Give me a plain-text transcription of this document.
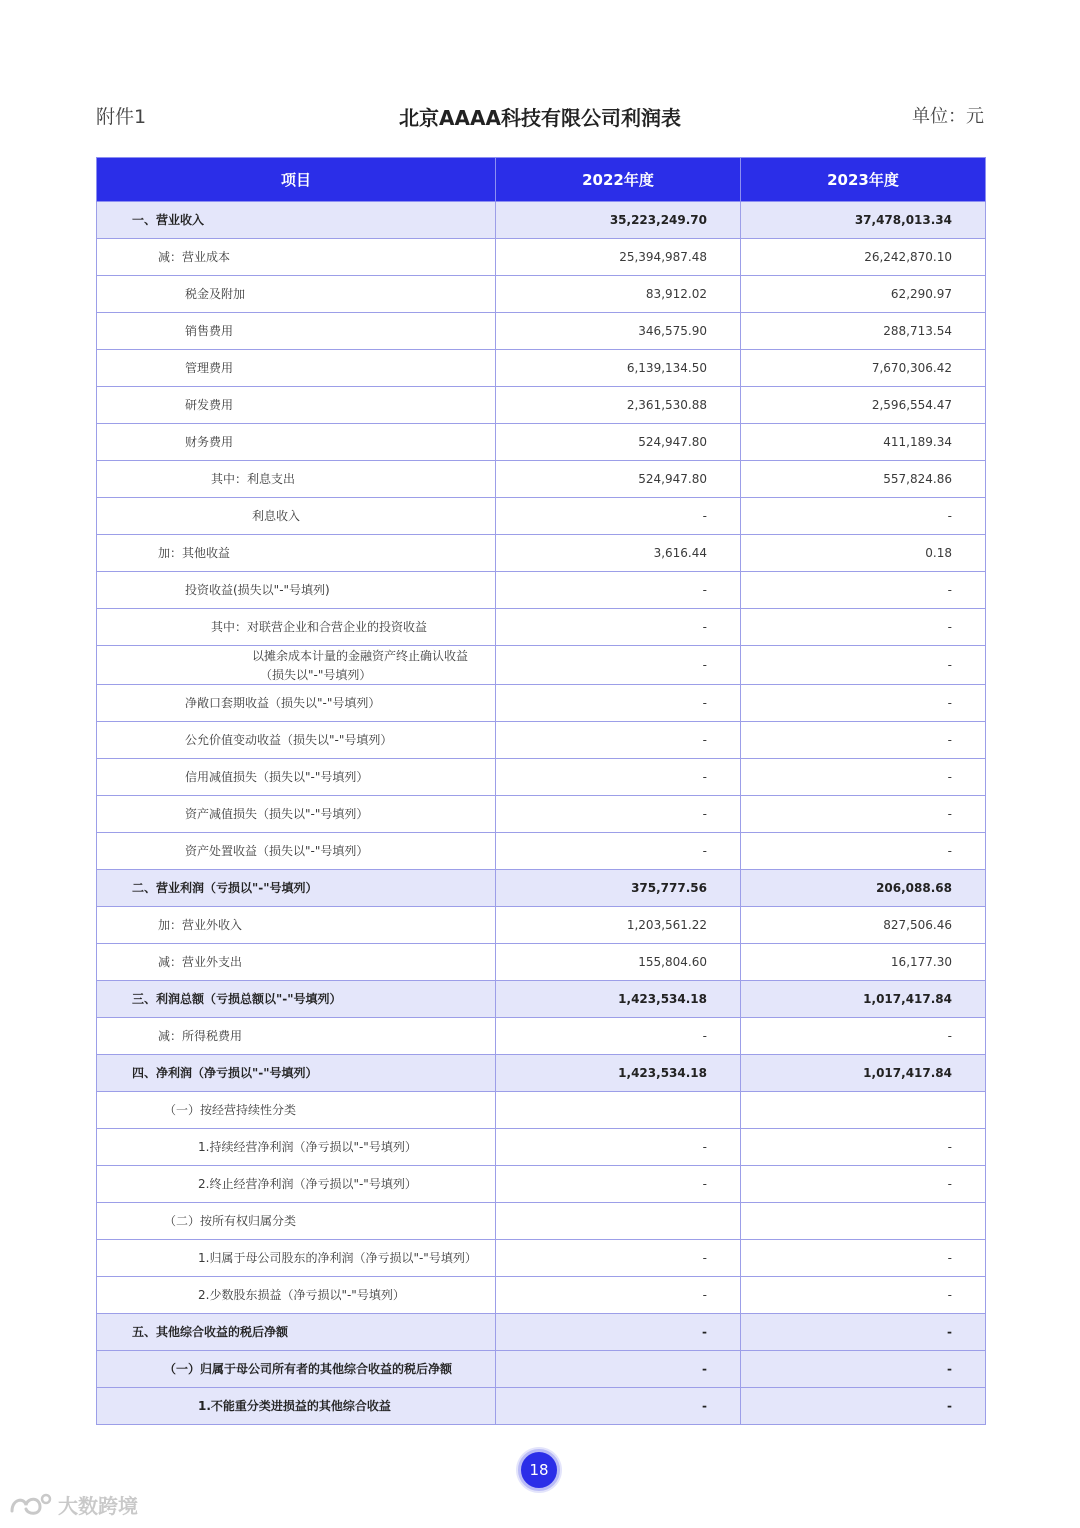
附件1	北京AAAA科技有限公司利润表	单位：元
项目	2022年度	2023年度

一、营业收入	35,223,249.70	37,478,013.34

减：营业成本	25,394,987.48	26,242,870.10

税金及附加	83,912.02	62,290.97

销售费用	346,575.90	288,713.54

管理费用	6,139,134.50	7,670,306.42

研发费用	2,361,530.88	2,596,554.47

财务费用	524,947.80	411,189.34

其中：利息支出	524,947.80	557,824.86

利息收入	-	-

加：其他收益	3,616.44	0.18

投资收益(损失以"-"号填列)	-	-

其中：对联营企业和合营企业的投资收益	-	-

以摊余成本计量的金融资产终止确认收益
（损失以"-"号填列）	-	-

净敞口套期收益（损失以"-"号填列）	-	-

公允价值变动收益（损失以"-"号填列）	-	-

信用减值损失（损失以"-"号填列）	-	-

资产减值损失（损失以"-"号填列）	-	-

资产处置收益（损失以"-"号填列）	-	-

二、营业利润（亏损以"-"号填列）	375,777.56	206,088.68

加：营业外收入	1,203,561.22	827,506.46

减：营业外支出	155,804.60	16,177.30

三、利润总额（亏损总额以"-"号填列）	1,423,534.18	1,017,417.84

减：所得税费用	-	-

四、净利润（净亏损以"-"号填列）	1,423,534.18	1,017,417.84

（一）按经营持续性分类		

1.持续经营净利润（净亏损以"-"号填列）	-	-

2.终止经营净利润（净亏损以"-"号填列）	-	-

（二）按所有权归属分类		

1.归属于母公司股东的净利润（净亏损以"-"号填列）	-	-

2.少数股东损益（净亏损以"-"号填列）	-	-

五、其他综合收益的税后净额	-	-

（一）归属于母公司所有者的其他综合收益的税后净额	-	-

1.不能重分类进损益的其他综合收益	-	-
18
大数跨境
